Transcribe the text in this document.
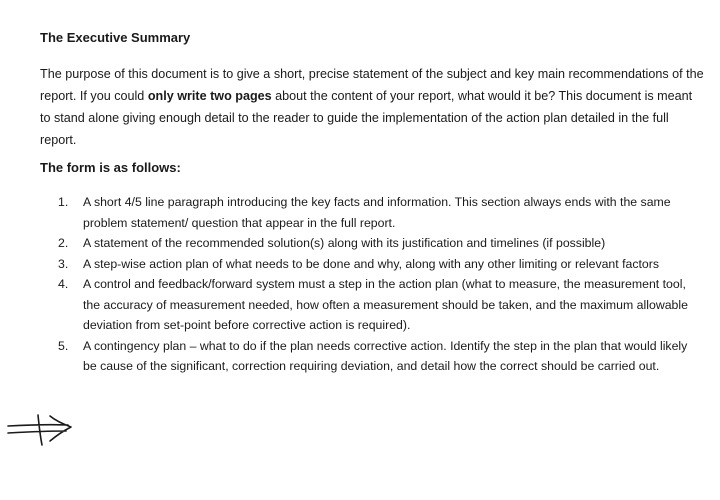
The Executive Summary
The purpose of this document is to give a short, precise statement of the subject and key main recommendations of the report. If you could only write two pages about the content of your report, what would it be? This document is meant to stand alone giving enough detail to the reader to guide the implementation of the action plan detailed in the full report.
The form is as follows:
1.	A short 4/5 line paragraph introducing the key facts and information. This section always ends with the same problem statement/ question that appear in the full report.
2.	A statement of the recommended solution(s) along with its justification and timelines (if possible)
3.	A step-wise action plan of what needs to be done and why, along with any other limiting or relevant factors
4.	A control and feedback/forward system must a step in the action plan (what to measure, the measurement tool, the accuracy of measurement needed, how often a measurement should be taken, and the maximum allowable deviation from set-point before corrective action is required).
5.	A contingency plan – what to do if the plan needs corrective action. Identify the step in the plan that would likely be cause of the significant, correction requiring deviation, and detail how the correct should be carried out.
